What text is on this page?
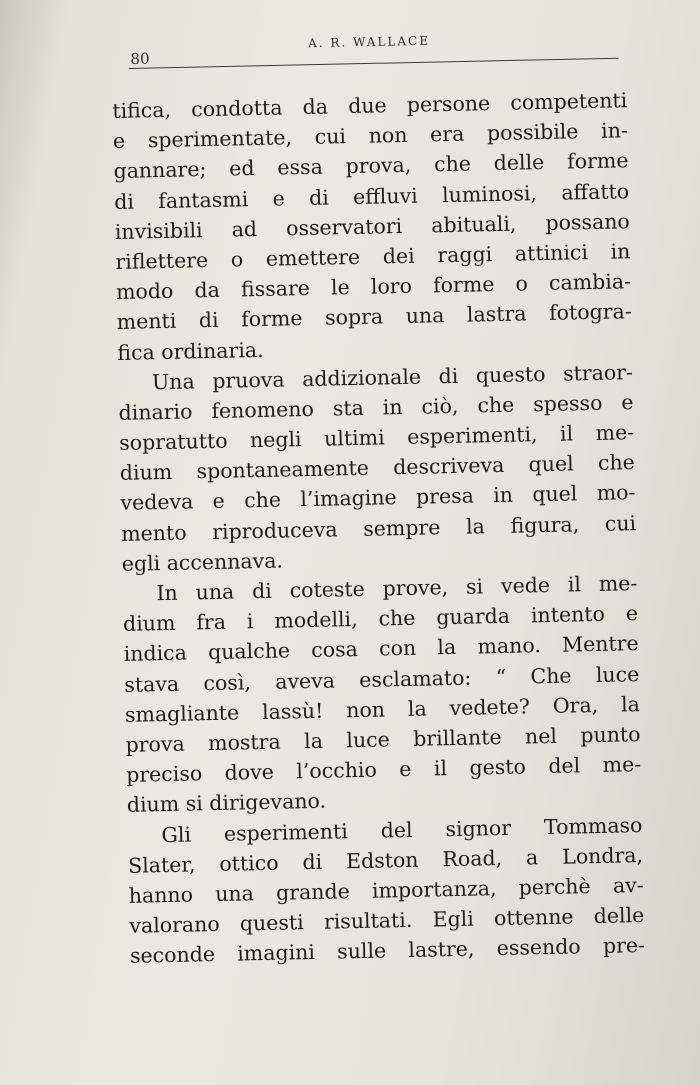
80
A. R. WALLACE
tifica, condotta da due persone competenti
e sperimentate, cui non era possibile in-
gannare; ed essa prova, che delle forme
di fantasmi e di effluvi luminosi, affatto
invisibili ad osservatori abituali, possano
riflettere o emettere dei raggi attinici in
modo da fissare le loro forme o cambia-
menti di forme sopra una lastra fotogra-
fica ordinaria.
Una pruova addizionale di questo straor-
dinario fenomeno sta in ciò, che spesso e
sopratutto negli ultimi esperimenti, il me-
dium spontaneamente descriveva quel che
vedeva e che l’imagine presa in quel mo-
mento riproduceva sempre la figura, cui
egli accennava.
In una di coteste prove, si vede il me-
dium fra i modelli, che guarda intento e
indica qualche cosa con la mano. Mentre
stava così, aveva esclamato: “ Che luce
smagliante lassù! non la vedete? Ora, la
prova mostra la luce brillante nel punto
preciso dove l’occhio e il gesto del me-
dium si dirigevano.
Gli esperimenti del signor Tommaso
Slater, ottico di Edston Road, a Londra,
hanno una grande importanza, perchè av-
valorano questi risultati. Egli ottenne delle
seconde imagini sulle lastre, essendo pre-
